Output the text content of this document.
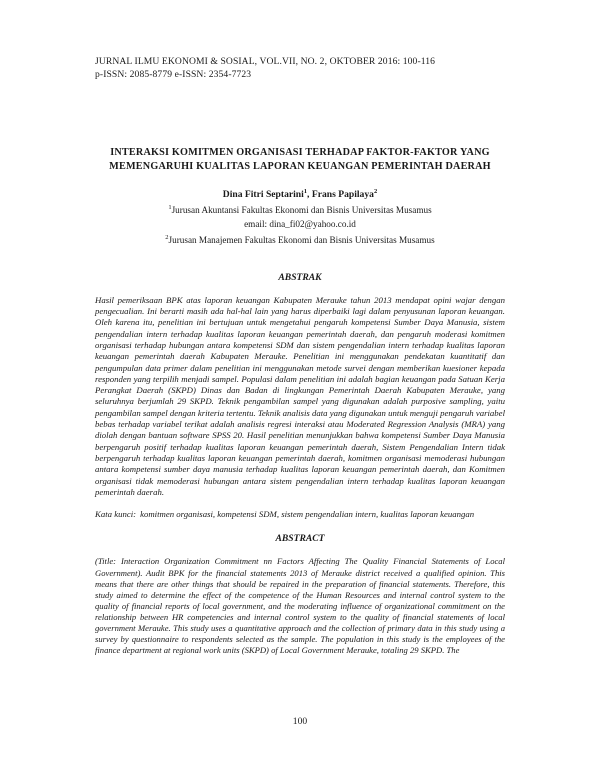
JURNAL ILMU EKONOMI & SOSIAL, VOL.VII, NO. 2, OKTOBER 2016: 100-116
p-ISSN: 2085-8779 e-ISSN: 2354-7723
INTERAKSI KOMITMEN ORGANISASI TERHADAP FAKTOR-FAKTOR YANG
MEMENGARUHI KUALITAS LAPORAN KEUANGAN PEMERINTAH DAERAH
Dina Fitri Septarini$^1$, Frans Papilaya$^2$
$^1$Jurusan Akuntansi Fakultas Ekonomi dan Bisnis Universitas Musamus
email: dina_fi02@yahoo.co.id
$^2$Jurusan Manajemen Fakultas Ekonomi dan Bisnis Universitas Musamus
ABSTRAK
Hasil pemeriksaan BPK atas laporan keuangan Kabupaten Merauke tahun 2013 mendapat opini wajar dengan pengecualian. Ini berarti masih ada hal-hal lain yang harus diperbaiki lagi dalam penyusunan laporan keuangan. Oleh karena itu, penelitian ini bertujuan untuk mengetahui pengaruh kompetensi Sumber Daya Manusia, sistem pengendalian intern terhadap kualitas laporan keuangan pemerintah daerah, dan pengaruh moderasi komitmen organisasi terhadap hubungan antara kompetensi SDM dan sistem pengendalian intern terhadap kualitas laporan keuangan pemerintah daerah Kabupaten Merauke. Penelitian ini menggunakan pendekatan kuantitatif dan pengumpulan data primer dalam penelitian ini menggunakan metode survei dengan memberikan kuesioner kepada responden yang terpilih menjadi sampel. Populasi dalam penelitian ini adalah bagian keuangan pada Satuan Kerja Perangkat Daerah (SKPD) Dinas dan Badan di lingkungan Pemerintah Daerah Kabupaten Merauke, yang seluruhnya berjumlah 29 SKPD. Teknik pengambilan sampel yang digunakan adalah purposive sampling, yaitu pengambilan sampel dengan kriteria tertentu. Teknik analisis data yang digunakan untuk menguji pengaruh variabel bebas terhadap variabel terikat adalah analisis regresi interaksi atau Moderated Regression Analysis (MRA) yang diolah dengan bantuan software SPSS 20. Hasil penelitian menunjukkan bahwa kompetensi Sumber Daya Manusia berpengaruh positif terhadap kualitas laporan keuangan pemerintah daerah, Sistem Pengendalian Intern tidak berpengaruh terhadap kualitas laporan keuangan pemerintah daerah, komitmen organisasi memoderasi hubungan antara kompetensi sumber daya manusia terhadap kualitas laporan keuangan pemerintah daerah, dan Komitmen organisasi tidak memoderasi hubungan antara sistem pengendalian intern terhadap kualitas laporan keuangan pemerintah daerah.
Kata kunci: komitmen organisasi, kompetensi SDM, sistem pengendalian intern, kualitas laporan keuangan
ABSTRACT
(Title: Interaction Organization Commitment nn Factors Affecting The Quality Financial Statements of Local Government). Audit BPK for the financial statements 2013 of Merauke district received a qualified opinion. This means that there are other things that should be repaired in the preparation of financial statements. Therefore, this study aimed to determine the effect of the competence of the Human Resources and internal control system to the quality of financial reports of local government, and the moderating influence of organizational commitment on the relationship between HR competencies and internal control system to the quality of financial statements of local government Merauke. This study uses a quantitative approach and the collection of primary data in this study using a survey by questionnaire to respondents selected as the sample. The population in this study is the employees of the finance department at regional work units (SKPD) of Local Government Merauke, totaling 29 SKPD. The
100
